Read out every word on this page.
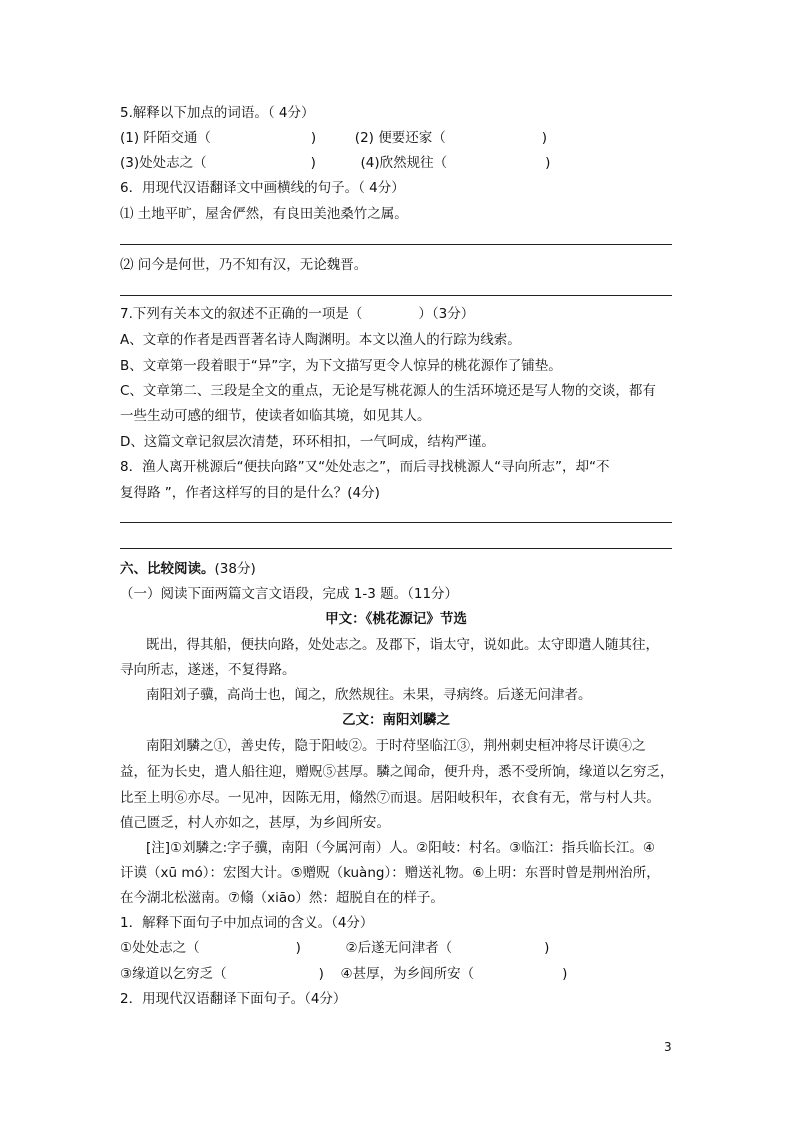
5.解释以下加点的词语。（ 4分）
(1) 阡陌交通（	)	(2) 便要还家（	)
(3)处处志之（	)	(4)欣然规往（	)
6．用现代汉语翻译文中画横线的句子。（ 4分）
⑴ 土地平旷，屋舍俨然，有良田美池桑竹之属。
⑵ 问今是何世，乃不知有汉，无论魏晋。
7.下列有关本文的叙述不正确的一项是（	）（3分）
A、文章的作者是西晋著名诗人陶渊明。本文以渔人的行踪为线索。
B、文章第一段着眼于“异”字，为下文描写更令人惊异的桃花源作了铺垫。
C、文章第二、三段是全文的重点，无论是写桃花源人的生活环境还是写人物的交谈，都有
一些生动可感的细节，使读者如临其境，如见其人。
D、这篇文章记叙层次清楚，环环相扣，一气呵成，结构严谨。
8．渔人离开桃源后“便扶向路”又“处处志之”，而后寻找桃源人“寻向所志”，却“不
复得路 ”，作者这样写的目的是什么？(4分)
六、比较阅读。(38分)
（一）阅读下面两篇文言文语段，完成 1-3 题。（11分）
甲文：《桃花源记》节选
既出，得其船，便扶向路，处处志之。及郡下，诣太守，说如此。太守即遣人随其往，
寻向所志，遂迷，不复得路。
南阳刘子骥，高尚士也，闻之，欣然规往。未果，寻病终。后遂无问津者。
乙文：南阳刘驎之
南阳刘驎之①，善史传，隐于阳岐②。于时苻坚临江③，荆州刺史桓冲将尽讦谟④之
益，征为长史，遣人船往迎，赠贶⑤甚厚。驎之闻命，便升舟，悉不受所饷，缘道以乞穷乏，
比至上明⑥亦尽。一见冲，因陈无用，翛然⑦而退。居阳岐积年，衣食有无，常与村人共。
值己匮乏，村人亦如之，甚厚，为乡闾所安。
[注]①刘驎之:字子骥，南阳（今属河南）人。②阳岐：村名。③临江：指兵临长江。④
讦谟（xū mó）：宏图大计。⑤赠贶（kuàng）：赠送礼物。⑥上明：东晋时曾是荆州治所，
在今湖北松滋南。⑦翛（xiāo）然：超脱自在的样子。
1．解释下面句子中加点词的含义。（4分）
①处处志之（	)	②后遂无问津者（	)
③缘道以乞穷乏（	) ④甚厚，为乡闾所安（	)
2．用现代汉语翻译下面句子。（4分）
3
